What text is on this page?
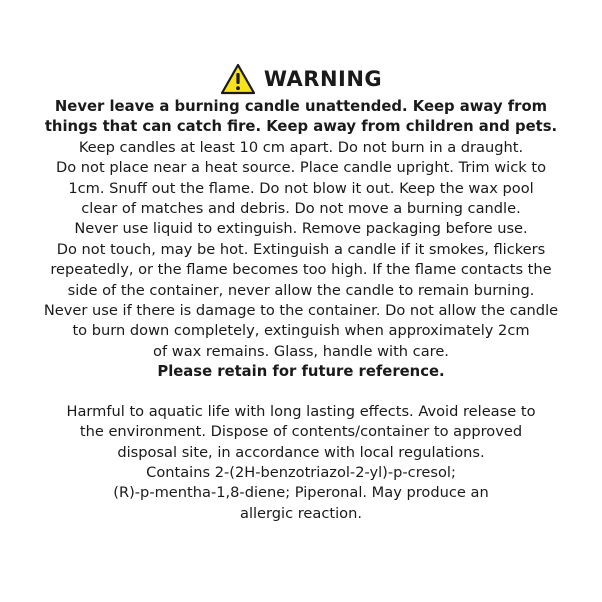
WARNING
Never leave a burning candle unattended. Keep away from
things that can catch fire. Keep away from children and pets.
Keep candles at least 10 cm apart. Do not burn in a draught.
Do not place near a heat source. Place candle upright. Trim wick to
1cm. Snuff out the flame. Do not blow it out. Keep the wax pool
clear of matches and debris. Do not move a burning candle.
Never use liquid to extinguish. Remove packaging before use.
Do not touch, may be hot. Extinguish a candle if it smokes, flickers
repeatedly, or the flame becomes too high. If the flame contacts the
side of the container, never allow the candle to remain burning.
Never use if there is damage to the container. Do not allow the candle
to burn down completely, extinguish when approximately 2cm
of wax remains. Glass, handle with care.
Please retain for future reference.
Harmful to aquatic life with long lasting effects. Avoid release to
the environment. Dispose of contents/container to approved
disposal site, in accordance with local regulations.
Contains 2-(2H-benzotriazol-2-yl)-p-cresol;
(R)-p-mentha-1,8-diene; Piperonal. May produce an
allergic reaction.
